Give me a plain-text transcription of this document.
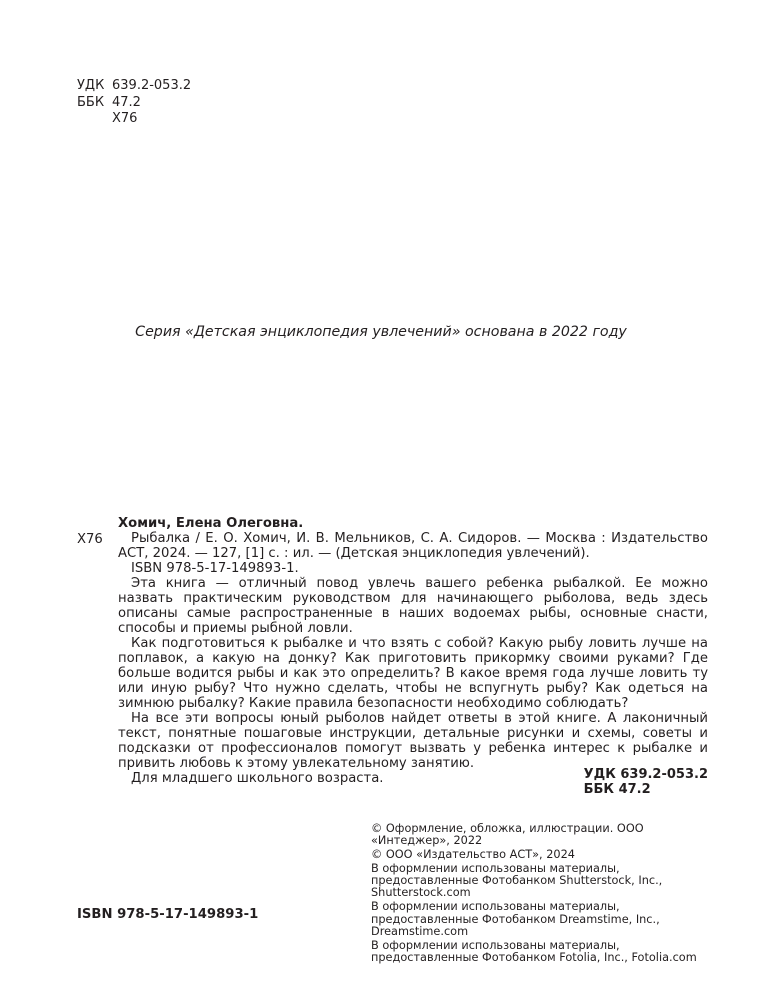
УДК 639.2-053.2
ББК 47.2
Х76
Серия «Детская энциклопедия увлечений» основана в 2022 году
Х76

Хомич, Елена Олеговна.

Рыбалка / Е. О. Хомич, И. В. Мельников, С. А. Сидоров. — Москва : Издательство АСТ, 2024. — 127, [1] с. : ил. — (Детская энциклопедия увлечений).

ISBN 978-5-17-149893-1.

Эта книга — отличный повод увлечь вашего ребенка рыбалкой. Ее можно назвать практическим руководством для начинающего рыболова, ведь здесь описаны самые распространенные в наших водоемах рыбы, основные снасти, способы и приемы рыбной ловли.

Как подготовиться к рыбалке и что взять с собой? Какую рыбу ловить лучше на поплавок, а какую на донку? Как приготовить прикормку своими руками? Где больше водится рыбы и как это определить? В какое время года лучше ловить ту или иную рыбу? Что нужно сделать, чтобы не вспугнуть рыбу? Как одеться на зимнюю рыбалку? Какие правила безопасности необходимо соблюдать?

На все эти вопросы юный рыболов найдет ответы в этой книге. А лаконичный текст, понятные пошаговые инструкции, детальные рисунки и схемы, советы и подсказки от профессионалов помогут вызвать у ребенка интерес к рыбалке и привить любовь к этому увлекательному занятию.

Для младшего школьного возраста.	УДК 639.2-053.2
ББК 47.2

© Оформление, обложка, иллюстрации. ООО «Интеджер», 2022

© ООО «Издательство АСТ», 2024

В оформлении использованы материалы, предоставленные Фотобанком Shutterstock, Inc., Shutterstock.com

В оформлении использованы материалы, предоставленные Фотобанком Dreamstime, Inc., Dreamstime.com

В оформлении использованы материалы, предоставленные Фотобанком Fotolia, Inc., Fotolia.com

ISBN 978-5-17-149893-1
